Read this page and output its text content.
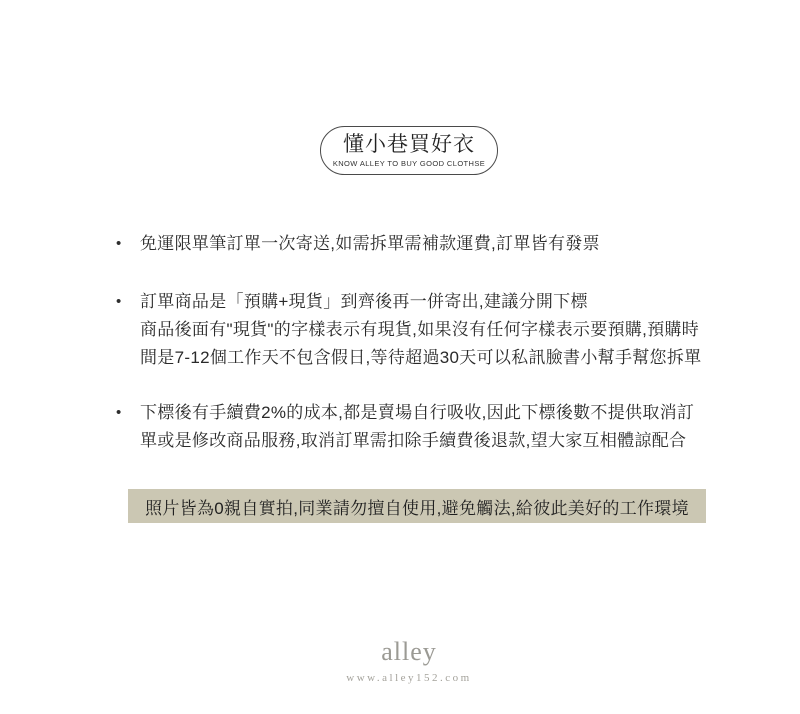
懂小巷買好衣
KNOW ALLEY TO BUY GOOD CLOTHSE
•
免運限單筆訂單一次寄送,如需拆單需補款運費,訂單皆有發票
•
訂單商品是「預購+現貨」到齊後再一併寄出,建議分開下標
商品後面有"現貨"的字樣表示有現貨,如果沒有任何字樣表示要預購,預購時
間是7-12個工作天不包含假日,等待超過30天可以私訊臉書小幫手幫您拆單
•
下標後有手續費2%的成本,都是賣場自行吸收,因此下標後數不提供取消訂
單或是修改商品服務,取消訂單需扣除手續費後退款,望大家互相體諒配合
照片皆為0親自實拍,同業請勿擅自使用,避免觸法,給彼此美好的工作環境
alley
www.alley152.com
